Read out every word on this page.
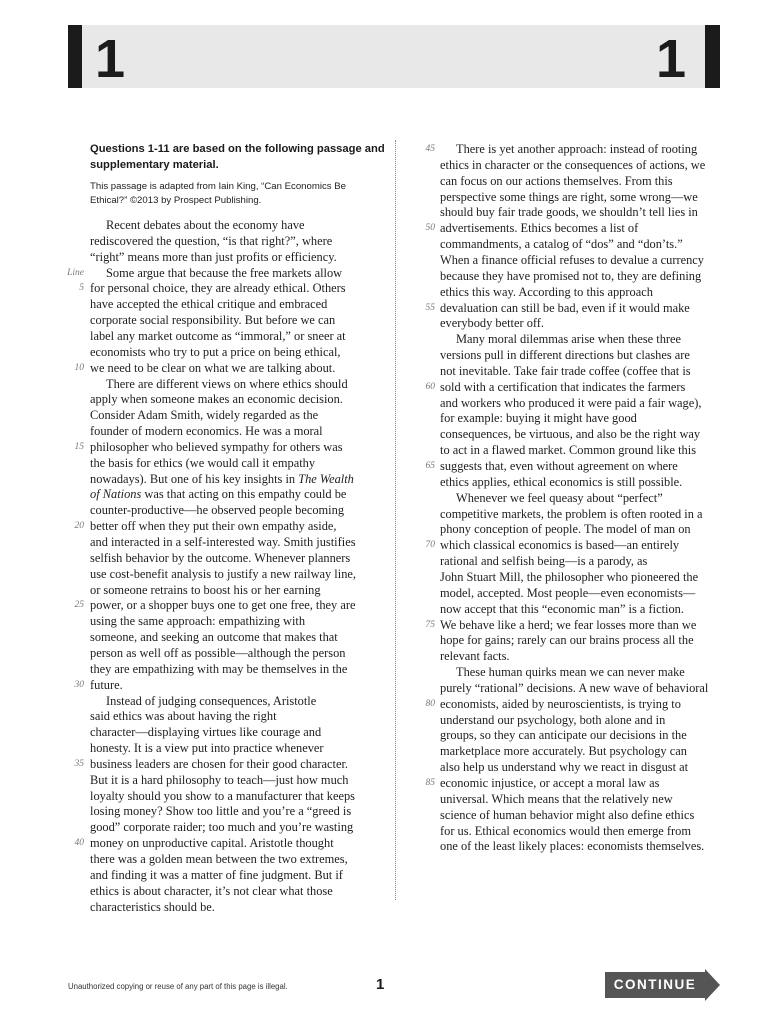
1	1
Questions 1-11 are based on the following passage and supplementary material.
This passage is adapted from Iain King, “Can Economics Be Ethical?” ©2013 by Prospect Publishing.
Recent debates about the economy have
rediscovered the question, “is that right?”, where
“right” means more than just profits or efficiency.
Some argue that because the free markets allow
Line
for personal choice, they are already ethical. Others
5
have accepted the ethical critique and embraced
corporate social responsibility. But before we can
label any market outcome as “immoral,” or sneer at
economists who try to put a price on being ethical,
we need to be clear on what we are talking about.
10
There are different views on where ethics should
apply when someone makes an economic decision.
Consider Adam Smith, widely regarded as the
founder of modern economics. He was a moral
philosopher who believed sympathy for others was
15
the basis for ethics (we would call it empathy
nowadays). But one of his key insights in The Wealth
of Nations was that acting on this empathy could be
counter-productive—he observed people becoming
better off when they put their own empathy aside,
20
and interacted in a self-interested way. Smith justifies
selfish behavior by the outcome. Whenever planners
use cost-benefit analysis to justify a new railway line,
or someone retrains to boost his or her earning
power, or a shopper buys one to get one free, they are
25
using the same approach: empathizing with
someone, and seeking an outcome that makes that
person as well off as possible—although the person
they are empathizing with may be themselves in the
future.
30
Instead of judging consequences, Aristotle
said ethics was about having the right
character—displaying virtues like courage and
honesty. It is a view put into practice whenever
business leaders are chosen for their good character.
35
But it is a hard philosophy to teach—just how much
loyalty should you show to a manufacturer that keeps
losing money? Show too little and you’re a “greed is
good” corporate raider; too much and you’re wasting
money on unproductive capital. Aristotle thought
40
there was a golden mean between the two extremes,
and finding it was a matter of fine judgment. But if
ethics is about character, it’s not clear what those
characteristics should be.
There is yet another approach: instead of rooting
45
ethics in character or the consequences of actions, we
can focus on our actions themselves. From this
perspective some things are right, some wrong—we
should buy fair trade goods, we shouldn’t tell lies in
advertisements. Ethics becomes a list of
50
commandments, a catalog of “dos” and “don’ts.”
When a finance official refuses to devalue a currency
because they have promised not to, they are defining
ethics this way. According to this approach
devaluation can still be bad, even if it would make
55
everybody better off.
Many moral dilemmas arise when these three
versions pull in different directions but clashes are
not inevitable. Take fair trade coffee (coffee that is
sold with a certification that indicates the farmers
60
and workers who produced it were paid a fair wage),
for example: buying it might have good
consequences, be virtuous, and also be the right way
to act in a flawed market. Common ground like this
suggests that, even without agreement on where
65
ethics applies, ethical economics is still possible.
Whenever we feel queasy about “perfect”
competitive markets, the problem is often rooted in a
phony conception of people. The model of man on
which classical economics is based—an entirely
70
rational and selfish being—is a parody, as
John Stuart Mill, the philosopher who pioneered the
model, accepted. Most people—even economists—
now accept that this “economic man” is a fiction.
We behave like a herd; we fear losses more than we
75
hope for gains; rarely can our brains process all the
relevant facts.
These human quirks mean we can never make
purely “rational” decisions. A new wave of behavioral
economists, aided by neuroscientists, is trying to
80
understand our psychology, both alone and in
groups, so they can anticipate our decisions in the
marketplace more accurately. But psychology can
also help us understand why we react in disgust at
economic injustice, or accept a moral law as
85
universal. Which means that the relatively new
science of human behavior might also define ethics
for us. Ethical economics would then emerge from
one of the least likely places: economists themselves.
Unauthorized copying or reuse of any part of this page is illegal.	1	CONTINUE
